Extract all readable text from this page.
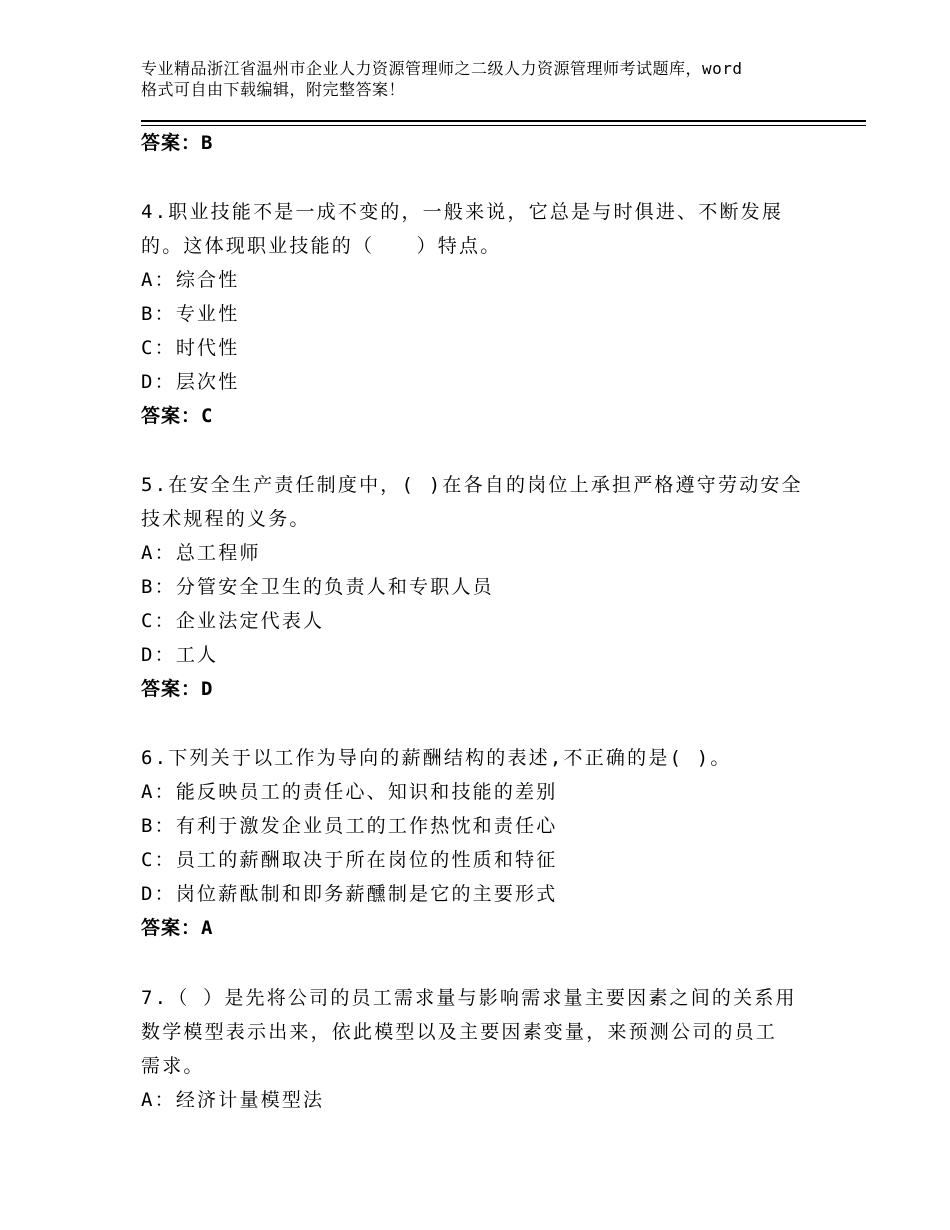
专业精品浙江省温州市企业人力资源管理师之二级人力资源管理师考试题库，word
格式可自由下载编辑，附完整答案！
答案：B
4.职业技能不是一成不变的，一般来说，它总是与时俱进、不断发展
的。这体现职业技能的（　　）特点。
A：综合性
B：专业性
C：时代性
D：层次性
答案：C
5.在安全生产责任制度中，( )在各自的岗位上承担严格遵守劳动安全
技术规程的义务。
A：总工程师
B：分管安全卫生的负责人和专职人员
C：企业法定代表人
D：工人
答案：D
6.下列关于以工作为导向的薪酬结构的表述,不正确的是( )。
A：能反映员工的责任心、知识和技能的差别
B：有利于激发企业员工的工作热忱和责任心
C：员工的薪酬取决于所在岗位的性质和特征
D：岗位薪酞制和即务薪醺制是它的主要形式
答案：A
7.（ ）是先将公司的员工需求量与影响需求量主要因素之间的关系用
数学模型表示出来，依此模型以及主要因素变量，来预测公司的员工
需求。
A：经济计量模型法
